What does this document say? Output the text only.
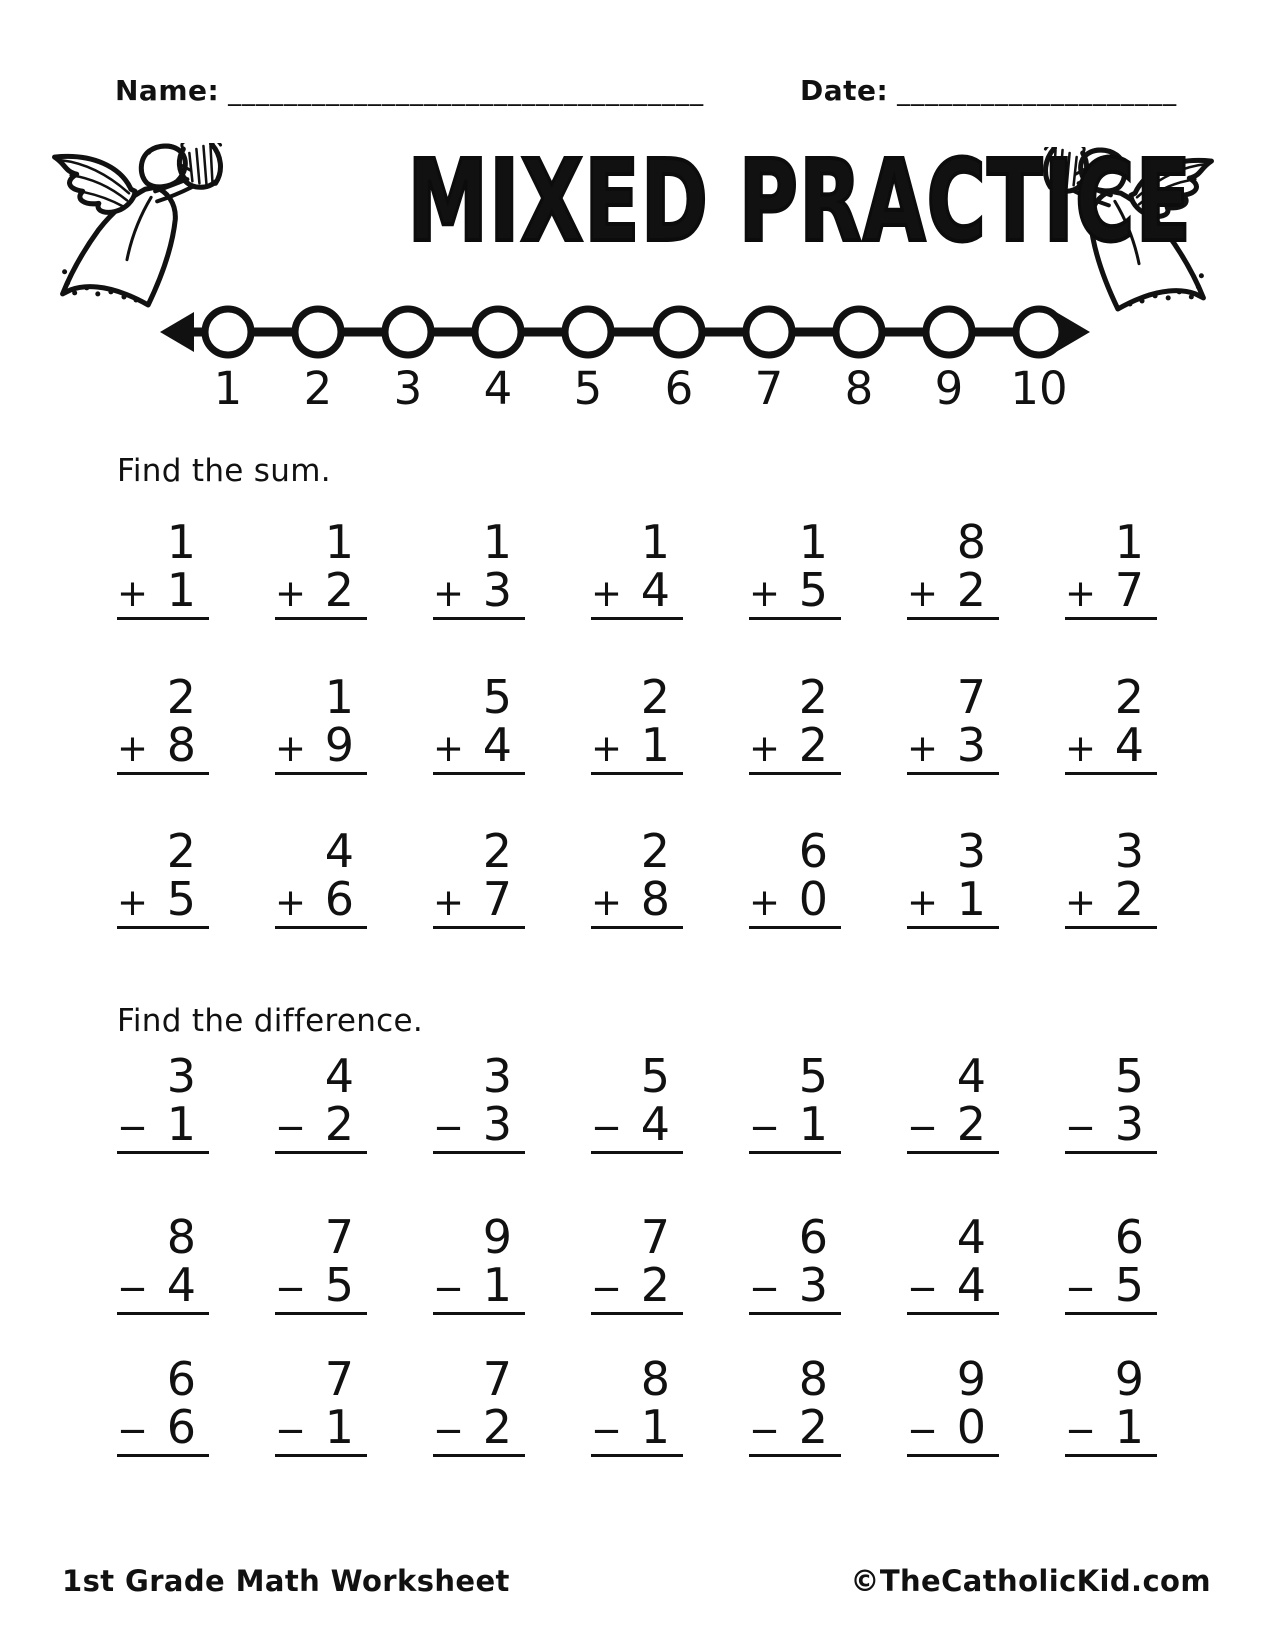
Name: __________________________________	Date: ____________________
MIXED PRACTICE
1	2	3	4	5	6	7	8	9	10
Find the sum.
1
+ 1
1
+ 2
1
+ 3
1
+ 4
1
+ 5
8
+ 2
1
+ 7
2
+ 8
1
+ 9
5
+ 4
2
+ 1
2
+ 2
7
+ 3
2
+ 4
2
+ 5
4
+ 6
2
+ 7
2
+ 8
6
+ 0
3
+ 1
3
+ 2
Find the difference.
3
− 1
4
− 2
3
− 3
5
− 4
5
− 1
4
− 2
5
− 3
8
− 4
7
− 5
9
− 1
7
− 2
6
− 3
4
− 4
6
− 5
6
− 6
7
− 1
7
− 2
8
− 1
8
− 2
9
− 0
9
− 1
1st Grade Math Worksheet	©TheCatholicKid.com
